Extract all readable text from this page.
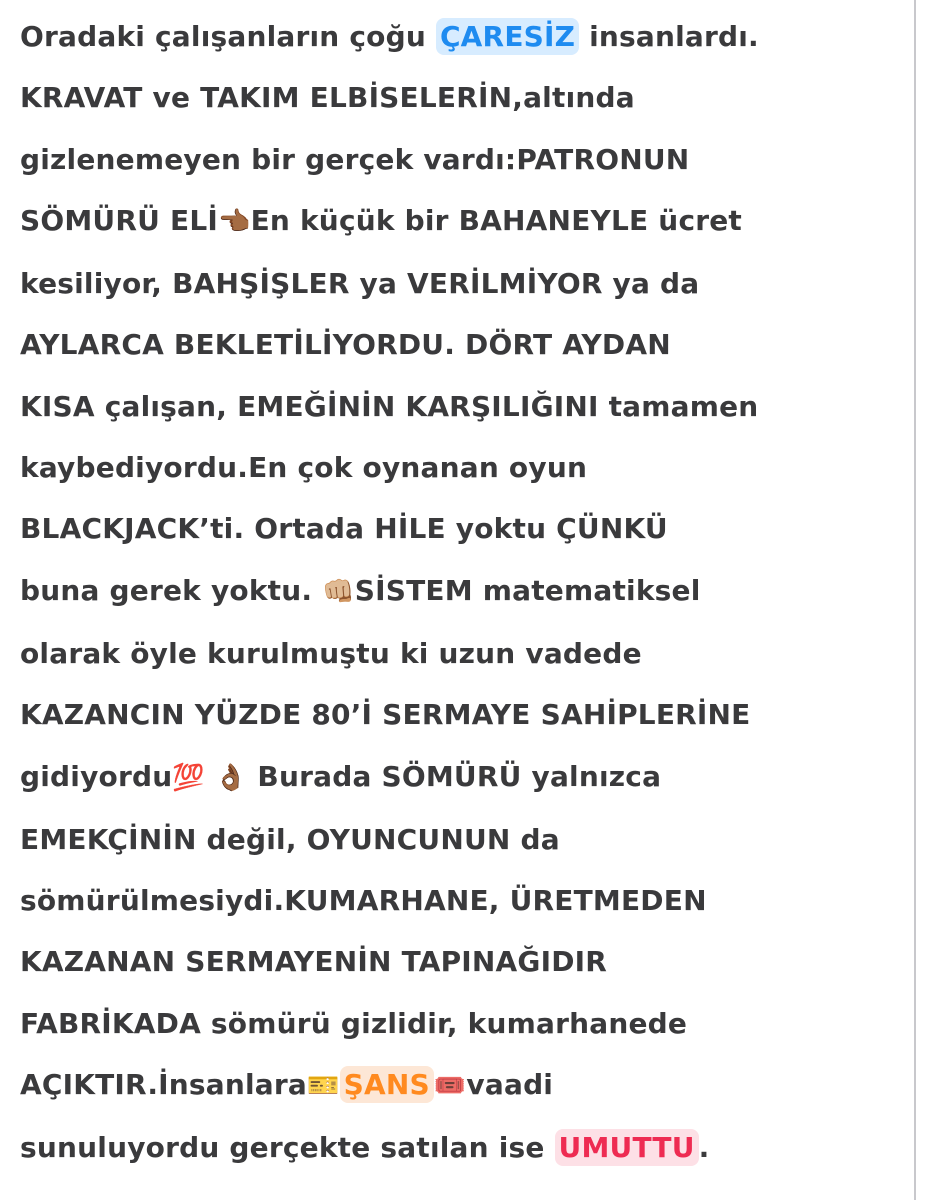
Oradaki çalışanların çoğu ÇARESİZ insanlardı.
KRAVAT ve TAKIM ELBİSELERİN,altında
gizlenemeyen bir gerçek vardı:PATRONUN
SÖMÜRÜ ELİ👈🏾En küçük bir BAHANEYLE ücret
kesiliyor, BAHŞİŞLER ya VERİLMİYOR ya da
AYLARCA BEKLETİLİYORDU. DÖRT AYDAN
KISA çalışan, EMEĞİNİN KARŞILIĞINI tamamen
kaybediyordu.En çok oynanan oyun
BLACKJACK’ti. Ortada HİLE yoktu ÇÜNKÜ
buna gerek yoktu. 👊🏼SİSTEM matematiksel
olarak öyle kurulmuştu ki uzun vadede
KAZANCIN YÜZDE 80’İ SERMAYE SAHİPLERİNE
gidiyordu💯 👌🏾 Burada SÖMÜRÜ yalnızca
EMEKÇİNİN değil, OYUNCUNUN da
sömürülmesiydi.KUMARHANE, ÜRETMEDEN
KAZANAN SERMAYENİN TAPINAĞIDIR
FABRİKADA sömürü gizlidir, kumarhanede
AÇIKTIR.İnsanlara🎫 ŞANS 🎟️vaadi
sunuluyordu gerçekte satılan ise UMUTTU .
